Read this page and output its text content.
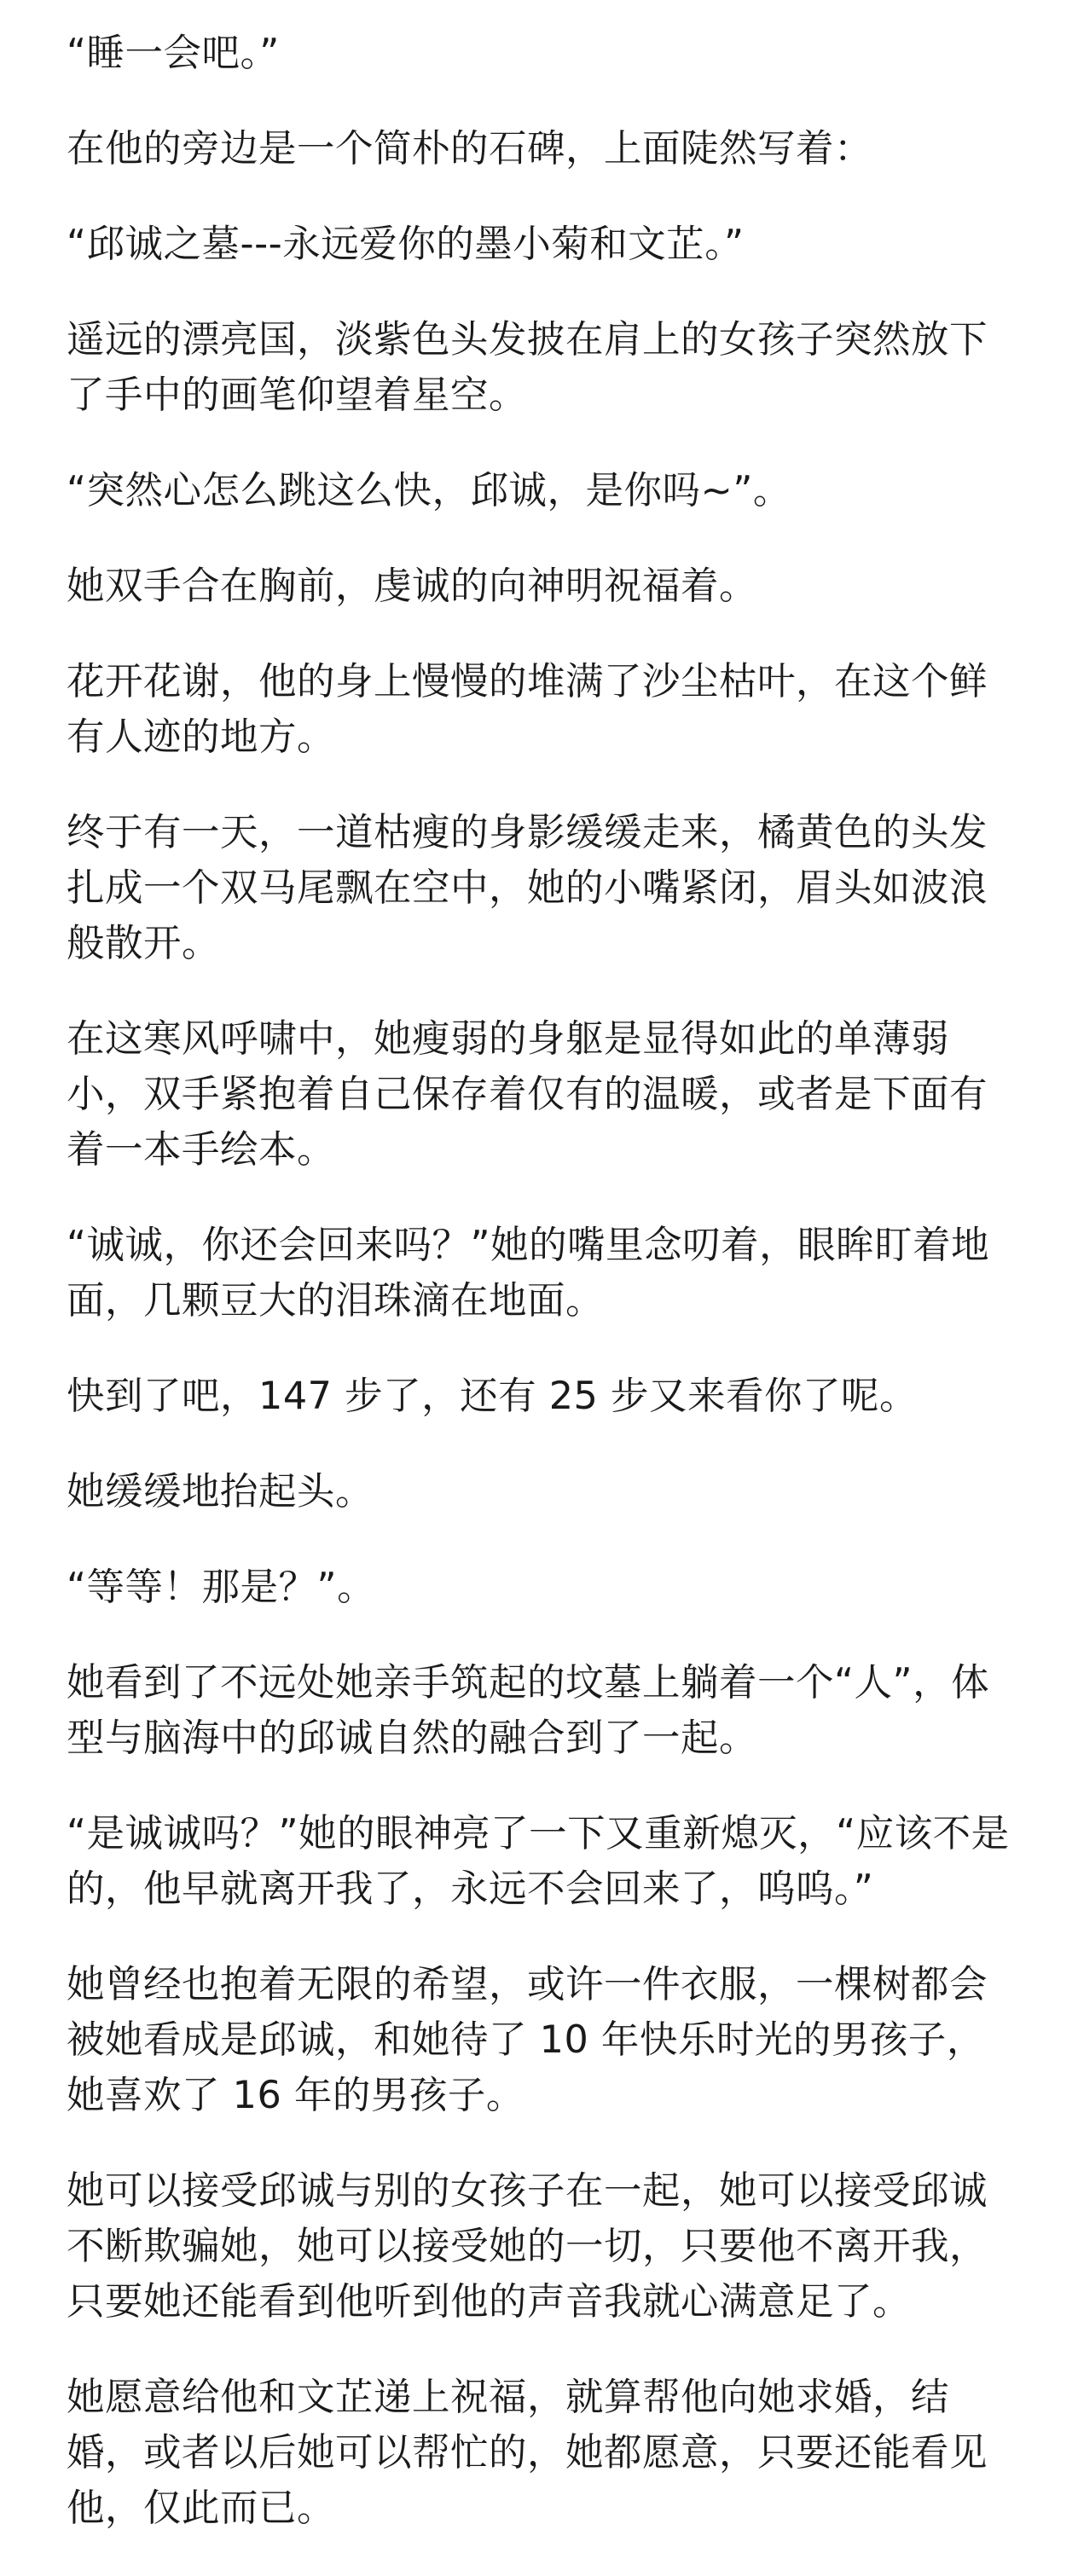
“睡一会吧。”

在他的旁边是一个简朴的石碑，上面陡然写着：

“邱诚之墓---永远爱你的墨小菊和文芷。”

遥远的漂亮国，淡紫色头发披在肩上的女孩子突然放下了手中的画笔仰望着星空。

“突然心怎么跳这么快，邱诚，是你吗~”。

她双手合在胸前，虔诚的向神明祝福着。

花开花谢，他的身上慢慢的堆满了沙尘枯叶，在这个鲜有人迹的地方。

终于有一天，一道枯瘦的身影缓缓走来，橘黄色的头发扎成一个双马尾飘在空中，她的小嘴紧闭，眉头如波浪般散开。

在这寒风呼啸中，她瘦弱的身躯是显得如此的单薄弱小，双手紧抱着自己保存着仅有的温暖，或者是下面有着一本手绘本。

“诚诚，你还会回来吗？”她的嘴里念叨着，眼眸盯着地面，几颗豆大的泪珠滴在地面。

快到了吧，147 步了，还有 25 步又来看你了呢。

她缓缓地抬起头。

“等等！那是？”。

她看到了不远处她亲手筑起的坟墓上躺着一个“人”，体型与脑海中的邱诚自然的融合到了一起。

“是诚诚吗？”她的眼神亮了一下又重新熄灭，“应该不是的，他早就离开我了，永远不会回来了，呜呜。”

她曾经也抱着无限的希望，或许一件衣服，一棵树都会被她看成是邱诚，和她待了 10 年快乐时光的男孩子，她喜欢了 16 年的男孩子。

她可以接受邱诚与别的女孩子在一起，她可以接受邱诚不断欺骗她，她可以接受她的一切，只要他不离开我，只要她还能看到他听到他的声音我就心满意足了。

她愿意给他和文芷递上祝福，就算帮他向她求婚，结婚，或者以后她可以帮忙的，她都愿意，只要还能看见他，仅此而已。
